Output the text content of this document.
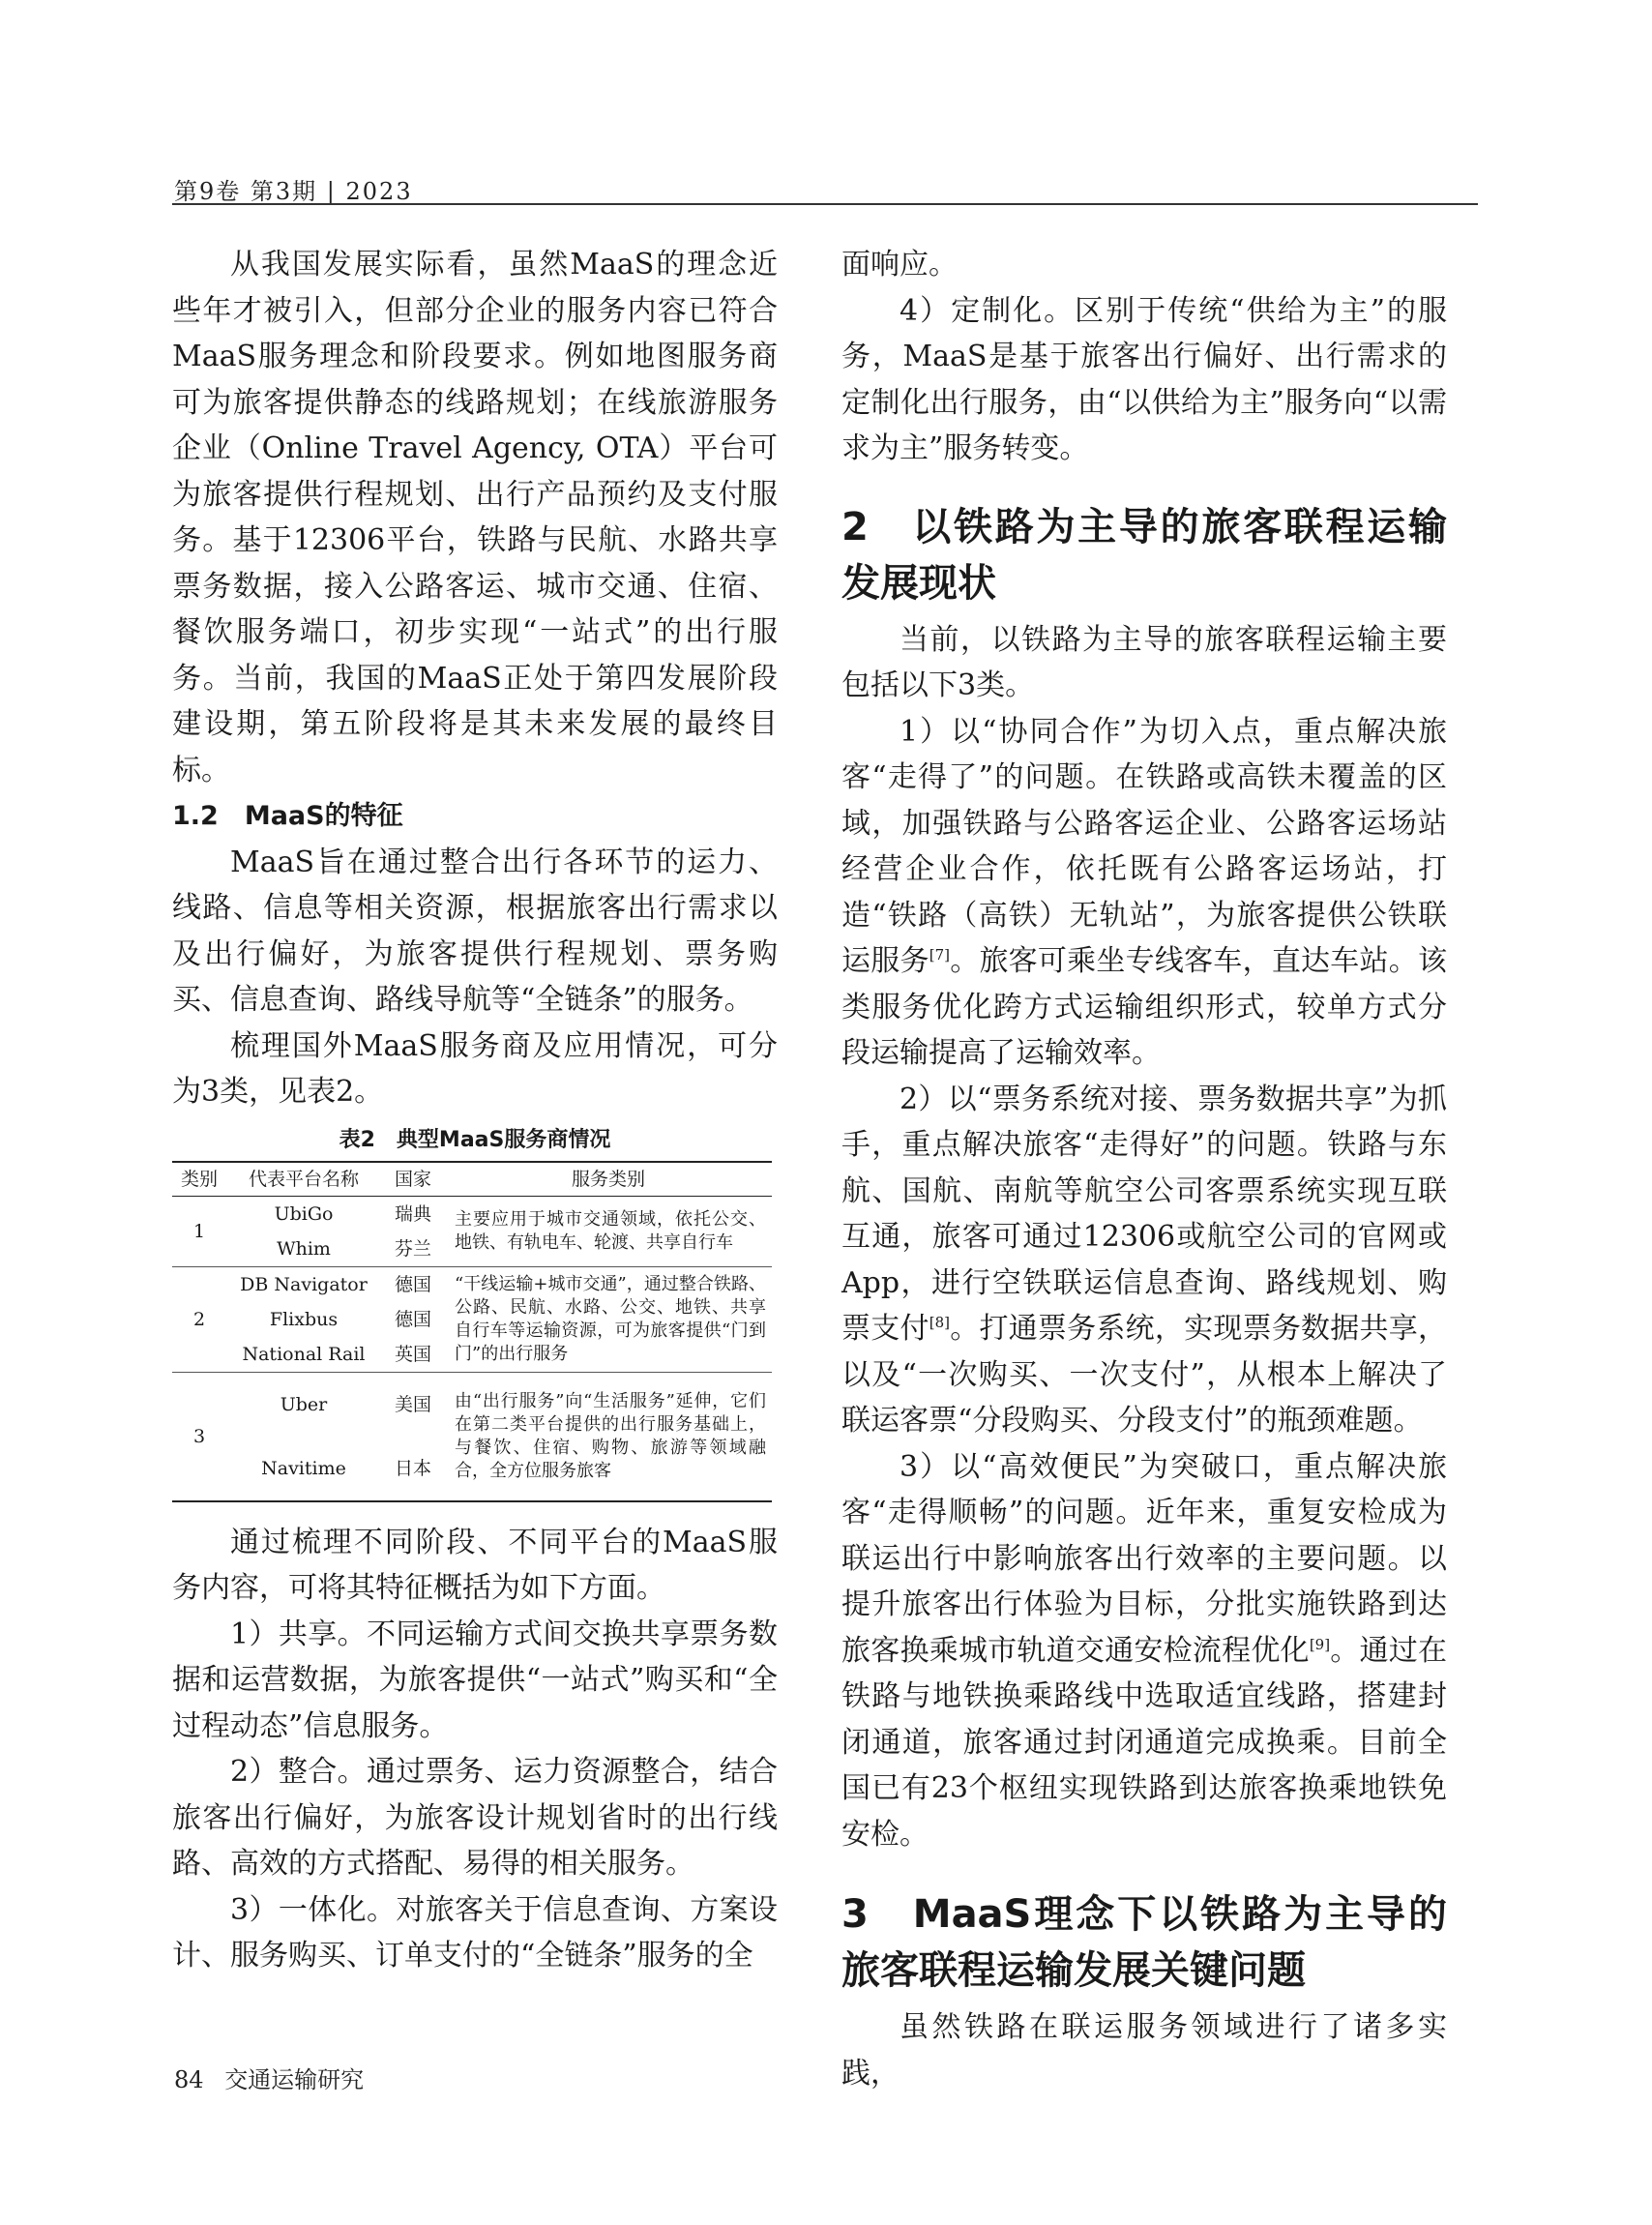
第9卷 第3期 | 2023

从我国发展实际看，虽然MaaS的理念近些年才被引入，但部分企业的服务内容已符合MaaS服务理念和阶段要求。例如地图服务商可为旅客提供静态的线路规划；在线旅游服务企业（Online Travel Agency, OTA）平台可为旅客提供行程规划、出行产品预约及支付服务。基于12306平台，铁路与民航、水路共享票务数据，接入公路客运、城市交通、住宿、餐饮服务端口，初步实现“一站式”的出行服务。当前，我国的MaaS正处于第四发展阶段建设期，第五阶段将是其未来发展的最终目标。

1.2　MaaS的特征

MaaS旨在通过整合出行各环节的运力、线路、信息等相关资源，根据旅客出行需求以及出行偏好，为旅客提供行程规划、票务购买、信息查询、路线导航等“全链条”的服务。

梳理国外MaaS服务商及应用情况，可分为3类，见表2。

表2　典型MaaS服务商情况
类别	代表平台名称	国家	服务类别
1	UbiGo	瑞典	主要应用于城市交通领域，依托公交、地铁、有轨电车、轮渡、共享自行车
	Whim	芬兰	
2	DB Navigator	德国	“干线运输+城市交通”，通过整合铁路、公路、民航、水路、公交、地铁、共享自行车等运输资源，可为旅客提供“门到门”的出行服务
	Flixbus	德国	
	National Rail	英国	
3	Uber	美国	由“出行服务”向“生活服务”延伸，它们在第二类平台提供的出行服务基础上，与餐饮、住宿、购物、旅游等领域融合，全方位服务旅客
	Navitime	日本	

通过梳理不同阶段、不同平台的MaaS服务内容，可将其特征概括为如下方面。

1）共享。不同运输方式间交换共享票务数据和运营数据，为旅客提供“一站式”购买和“全过程动态”信息服务。

2）整合。通过票务、运力资源整合，结合旅客出行偏好，为旅客设计规划省时的出行线路、高效的方式搭配、易得的相关服务。

3）一体化。对旅客关于信息查询、方案设计、服务购买、订单支付的“全链条”服务的全

面响应。

4）定制化。区别于传统“供给为主”的服务，MaaS是基于旅客出行偏好、出行需求的定制化出行服务，由“以供给为主”服务向“以需求为主”服务转变。

2　以铁路为主导的旅客联程运输发展现状

当前，以铁路为主导的旅客联程运输主要包括以下3类。

1）以“协同合作”为切入点，重点解决旅客“走得了”的问题。在铁路或高铁未覆盖的区域，加强铁路与公路客运企业、公路客运场站经营企业合作，依托既有公路客运场站，打造“铁路（高铁）无轨站”，为旅客提供公铁联运服务[7]。旅客可乘坐专线客车，直达车站。该类服务优化跨方式运输组织形式，较单方式分段运输提高了运输效率。

2）以“票务系统对接、票务数据共享”为抓手，重点解决旅客“走得好”的问题。铁路与东航、国航、南航等航空公司客票系统实现互联互通，旅客可通过12306或航空公司的官网或App，进行空铁联运信息查询、路线规划、购票支付[8]。打通票务系统，实现票务数据共享，以及“一次购买、一次支付”，从根本上解决了联运客票“分段购买、分段支付”的瓶颈难题。

3）以“高效便民”为突破口，重点解决旅客“走得顺畅”的问题。近年来，重复安检成为联运出行中影响旅客出行效率的主要问题。以提升旅客出行体验为目标，分批实施铁路到达旅客换乘城市轨道交通安检流程优化[9]。通过在铁路与地铁换乘路线中选取适宜线路，搭建封闭通道，旅客通过封闭通道完成换乘。目前全国已有23个枢纽实现铁路到达旅客换乘地铁免安检。

3　MaaS理念下以铁路为主导的旅客联程运输发展关键问题

虽然铁路在联运服务领域进行了诸多实践，

84 交通运输研究
